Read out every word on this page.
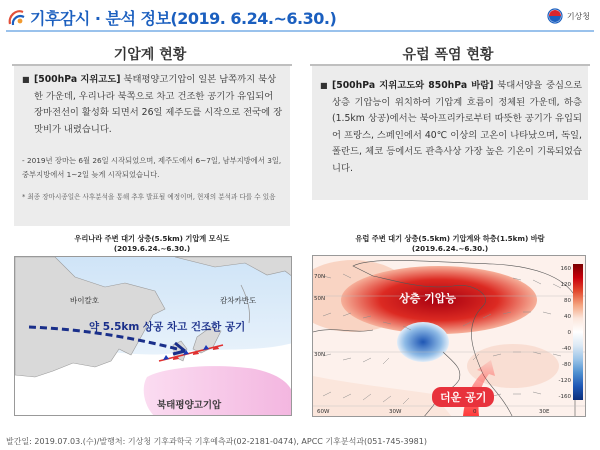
기후감시 · 분석 정보(2019. 6.24.~6.30.)	기상청
기압계 현황
■ [500hPa 지위고도] 북태평양고기압이 일본 남쪽까지 북상한 가운데, 우리나라 북쪽으로 차고 건조한 공기가 유입되어 장마전선이 활성화 되면서 26일 제주도를 시작으로 전국에 장맛비가 내렸습니다.
- 2019년 장마는 6월 26일 시작되었으며, 제주도에서 6~7일, 남부지방에서 3일, 중부지방에서 1~2일 늦게 시작되었습니다.
* 최종 장마시종일은 사후분석을 통해 추후 발표될 예정이며, 현재의 분석과 다를 수 있음
유럽 폭염 현황
■ [500hPa 지위고도와 850hPa 바람] 북대서양을 중심으로 상층 기압능이 위치하여 기압계 흐름이 정체된 가운데, 하층(1.5km 상공)에서는 북아프리카로부터 따뜻한 공기가 유입되어 프랑스, 스페인에서 40℃ 이상의 고온이 나타났으며, 독일, 폴란드, 체코 등에서도 관측사상 가장 높은 기온이 기록되었습니다.
우리나라 주변 대기 상층(5.5km) 기압계 모식도
(2019.6.24.~6.30.)
유럽 주변 대기 상층(5.5km) 기압계와 하층(1.5km) 바람
(2019.6.24.~6.30.)
바이칼호	캄차카반도
약 5.5km 상공 차고 건조한 공기
북태평양고기압
상층 기압능
더운 공기
160
120
80
40
0
-40
-80
-120
-160
70N
50N
30N
60W	30W	0	30E
발간일: 2019.07.03.(수)/발행처: 기상청 기후과학국 기후예측과(02-2181-0474), APCC 기후분석과(051-745-3981)
